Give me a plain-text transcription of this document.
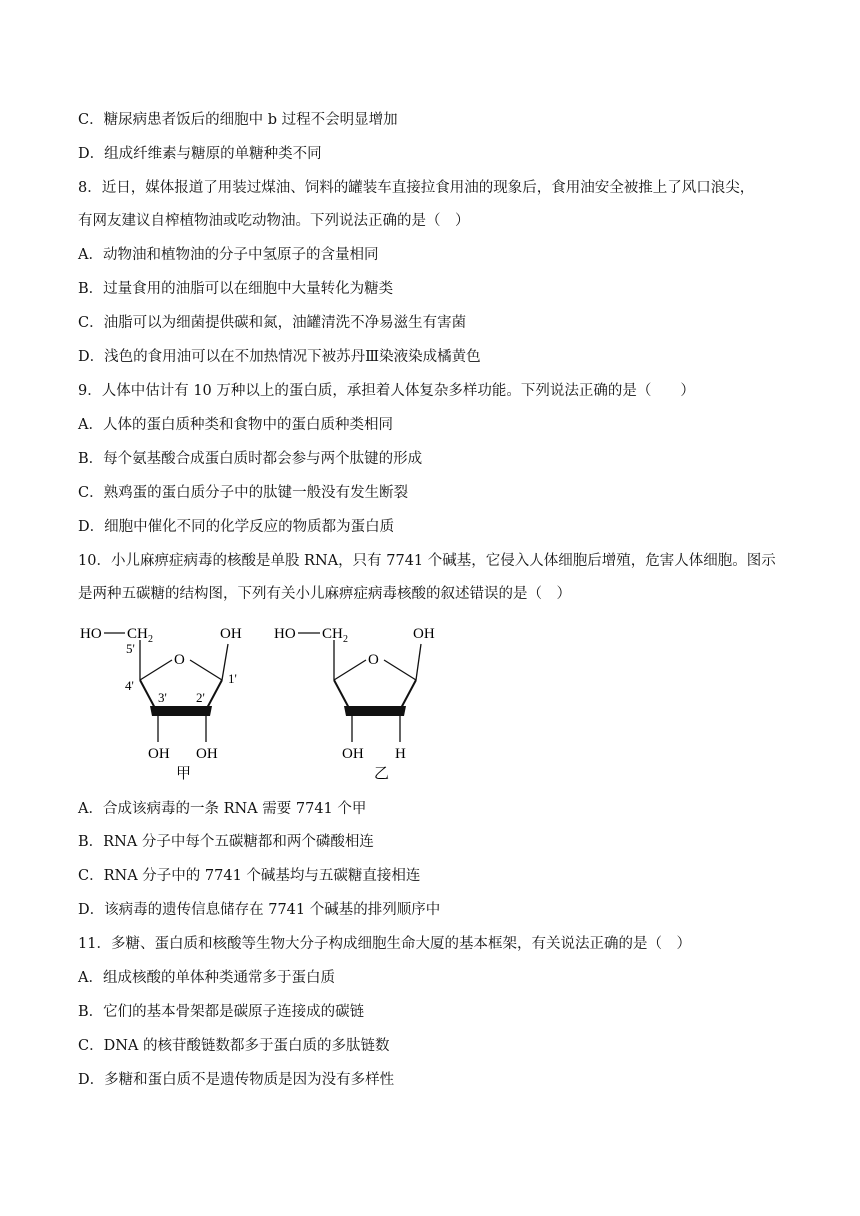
C．糖尿病患者饭后的细胞中 b 过程不会明显增加
D．组成纤维素与糖原的单糖种类不同
8．近日，媒体报道了用装过煤油、饲料的罐装车直接拉食用油的现象后，食用油安全被推上了风口浪尖，
有网友建议自榨植物油或吃动物油。下列说法正确的是（　）
A．动物油和植物油的分子中氢原子的含量相同
B．过量食用的油脂可以在细胞中大量转化为糖类
C．油脂可以为细菌提供碳和氮，油罐清洗不净易滋生有害菌
D．浅色的食用油可以在不加热情况下被苏丹Ⅲ染液染成橘黄色
9．人体中估计有 10 万种以上的蛋白质，承担着人体复杂多样功能。下列说法正确的是（　　）
A．人体的蛋白质种类和食物中的蛋白质种类相同
B．每个氨基酸合成蛋白质时都会参与两个肽键的形成
C．熟鸡蛋的蛋白质分子中的肽键一般没有发生断裂
D．细胞中催化不同的化学反应的物质都为蛋白质
10．小儿麻痹症病毒的核酸是单股 RNA，只有 7741 个碱基，它侵入人体细胞后增殖，危害人体细胞。图示
是两种五碳糖的结构图，下列有关小儿麻痹症病毒核酸的叙述错误的是（　）
HO CH 2	OH
5'
O
4'	1'
3' 2'
OH OH
甲
HO CH 2	OH
O
OH H
乙
A．合成该病毒的一条 RNA 需要 7741 个甲
B．RNA 分子中每个五碳糖都和两个磷酸相连
C．RNA 分子中的 7741 个碱基均与五碳糖直接相连
D．该病毒的遗传信息储存在 7741 个碱基的排列顺序中
11．多糖、蛋白质和核酸等生物大分子构成细胞生命大厦的基本框架，有关说法正确的是（　）
A．组成核酸的单体种类通常多于蛋白质
B．它们的基本骨架都是碳原子连接成的碳链
C．DNA 的核苷酸链数都多于蛋白质的多肽链数
D．多糖和蛋白质不是遗传物质是因为没有多样性
